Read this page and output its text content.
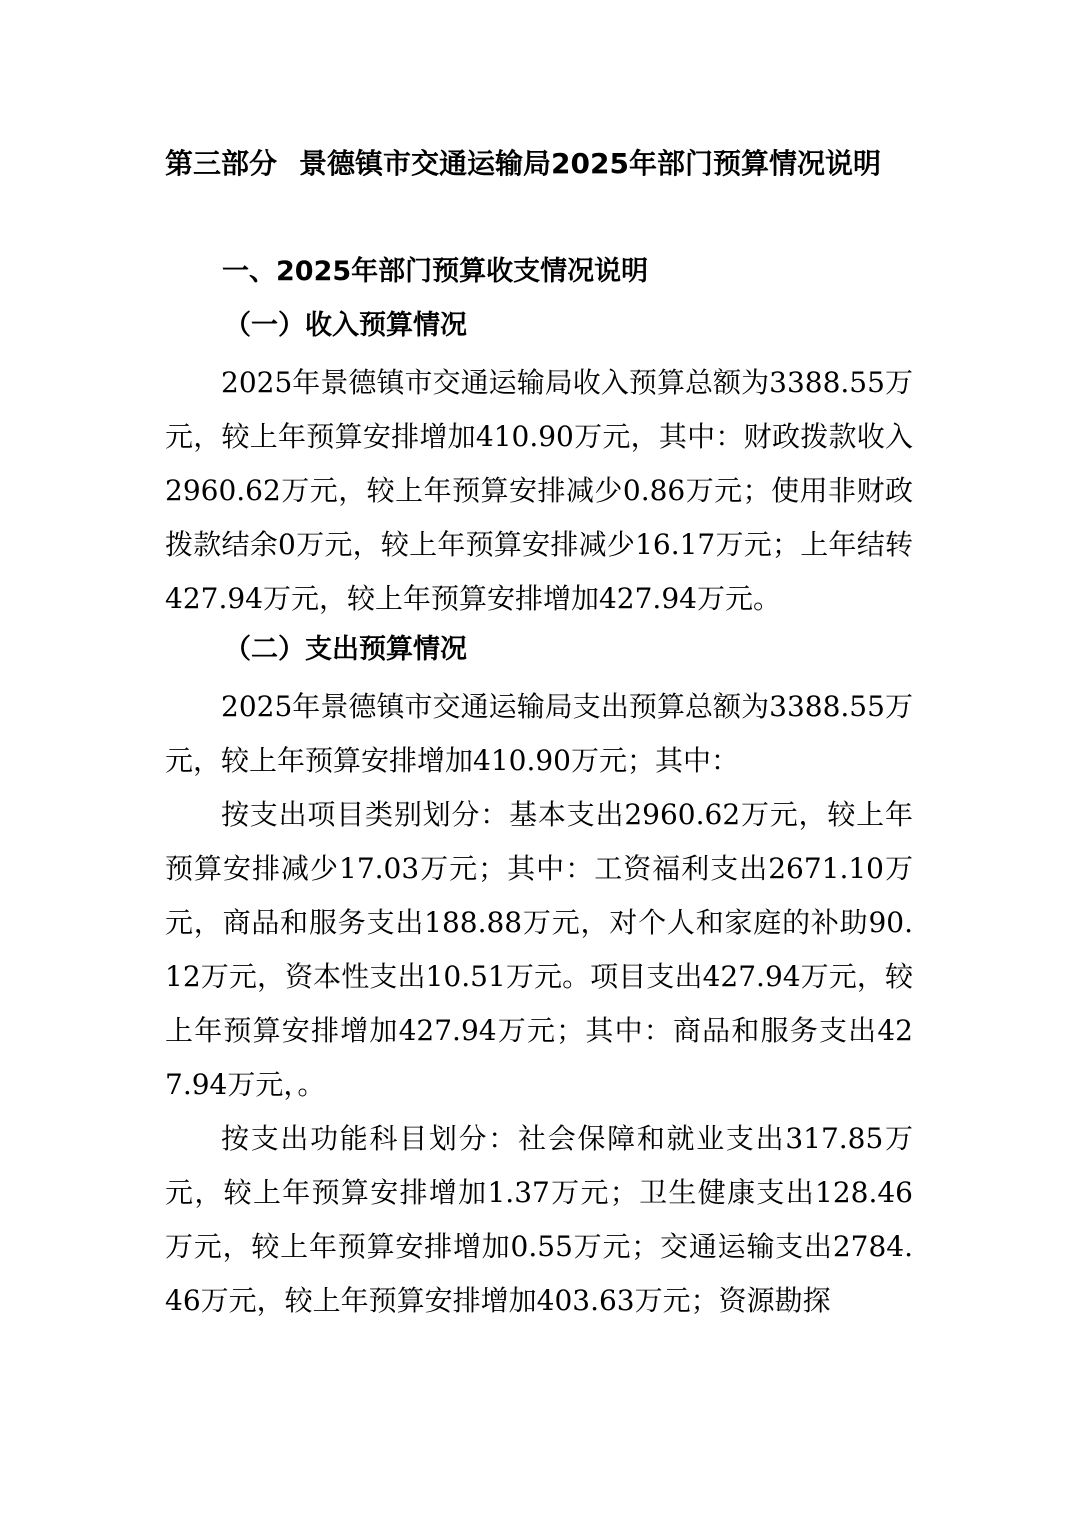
第三部分 景德镇市交通运输局2025年部门预算情况说明
一、2025年部门预算收支情况说明
（一）收入预算情况

2025年景德镇市交通运输局收入预算总额为3388.55万元，较上年预算安排增加410.90万元，其中：财政拨款收入2960.62万元，较上年预算安排减少0.86万元；使用非财政拨款结余0万元，较上年预算安排减少16.17万元；上年结转427.94万元，较上年预算安排增加427.94万元。

（二）支出预算情况

2025年景德镇市交通运输局支出预算总额为3388.55万元，较上年预算安排增加410.90万元；其中：

按支出项目类别划分：基本支出2960.62万元，较上年预算安排减少17.03万元；其中：工资福利支出2671.10万元，商品和服务支出188.88万元，对个人和家庭的补助90.12万元，资本性支出10.51万元。项目支出427.94万元，较上年预算安排增加427.94万元；其中：商品和服务支出427.94万元，。

按支出功能科目划分：社会保障和就业支出317.85万元，较上年预算安排增加1.37万元；卫生健康支出128.46万元，较上年预算安排增加0.55万元；交通运输支出2784.46万元，较上年预算安排增加403.63万元；资源勘探
